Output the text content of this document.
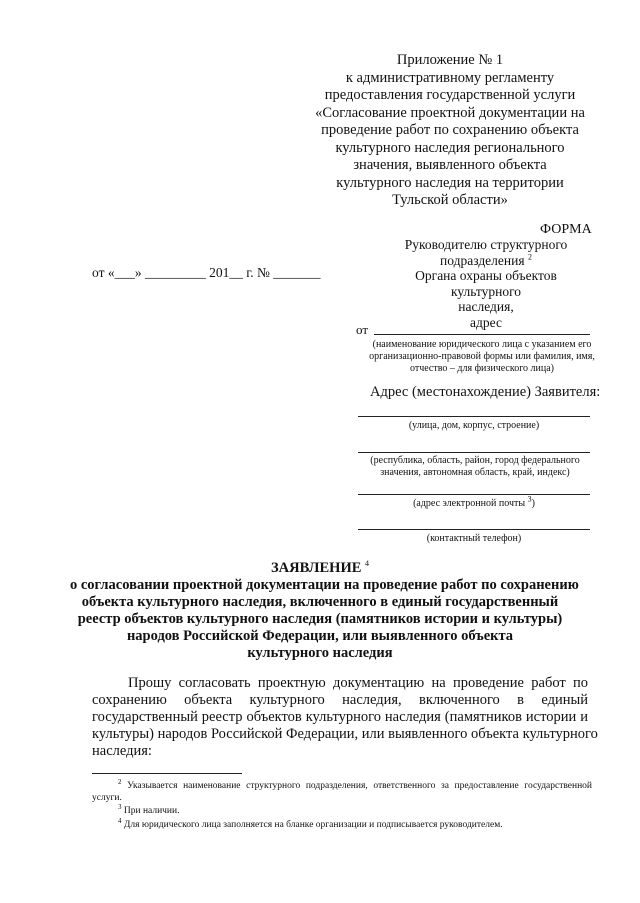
Приложение № 1
к административному регламенту
предоставления государственной услуги
«Согласование проектной документации на
проведение работ по сохранению объекта
культурного наследия регионального
значения, выявленного объекта
культурного наследия на территории
Тульской области»
ФОРМА
Руководителю структурного
подразделения $^2$
Органа охраны объектов культурного
наследия,
адрес
от «___» _________ 201__ г. № _______
от
(наименование юридического лица с указанием его организационно-правовой формы или фамилия, имя, отчество – для физического лица)
Адрес (местонахождение) Заявителя:
(улица, дом, корпус, строение)
(республика, область, район, город федерального значения, автономная область, край, индекс)
(адрес электронной почты $^3$)
(контактный телефон)
ЗАЯВЛЕНИЕ $^4$
о согласовании проектной документации на проведение работ по сохранению
объекта культурного наследия, включенного в единый государственный
реестр объектов культурного наследия (памятников истории и культуры)
народов Российской Федерации, или выявленного объекта
культурного наследия
Прошу согласовать проектную документацию на проведение работ по
сохранению объекта культурного наследия, включенного в единый
государственный реестр объектов культурного наследия (памятников истории и
культуры) народов Российской Федерации, или выявленного объекта культурного
наследия:
$^2$ Указывается наименование структурного подразделения, ответственного за предоставление государственной услуги.
$^3$ При наличии.
$^4$ Для юридического лица заполняется на бланке организации и подписывается руководителем.
